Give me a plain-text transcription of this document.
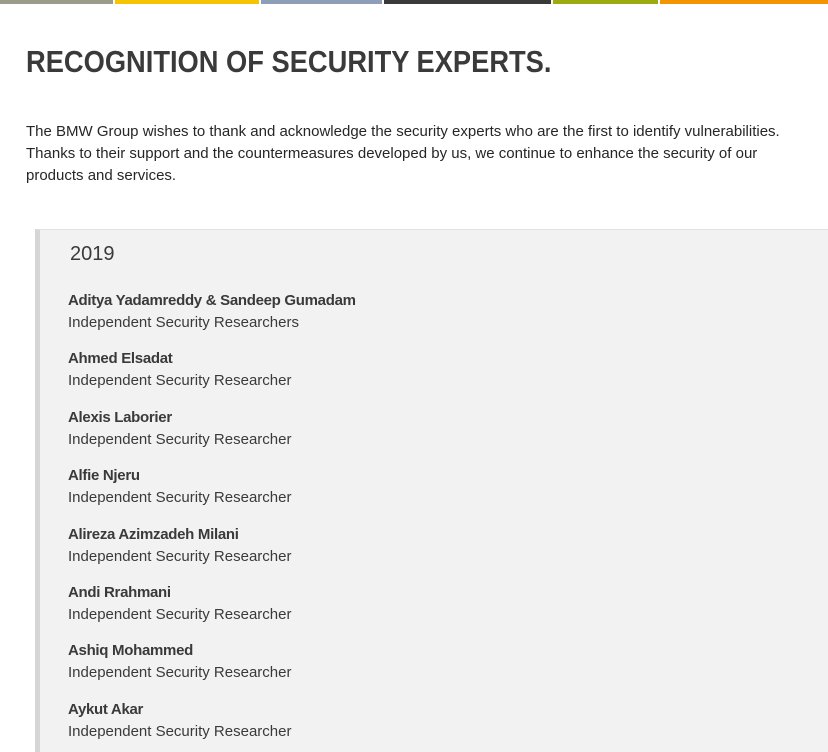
RECOGNITION OF SECURITY EXPERTS.

The BMW Group wishes to thank and acknowledge the security experts who are the first to identify vulnerabilities. Thanks to their support and the countermeasures developed by us, we continue to enhance the security of our products and services.

2019
Aditya Yadamreddy & Sandeep Gumadam
Independent Security Researchers
Ahmed Elsadat
Independent Security Researcher
Alexis Laborier
Independent Security Researcher
Alfie Njeru
Independent Security Researcher
Alireza Azimzadeh Milani
Independent Security Researcher
Andi Rrahmani
Independent Security Researcher
Ashiq Mohammed
Independent Security Researcher
Aykut Akar
Independent Security Researcher
